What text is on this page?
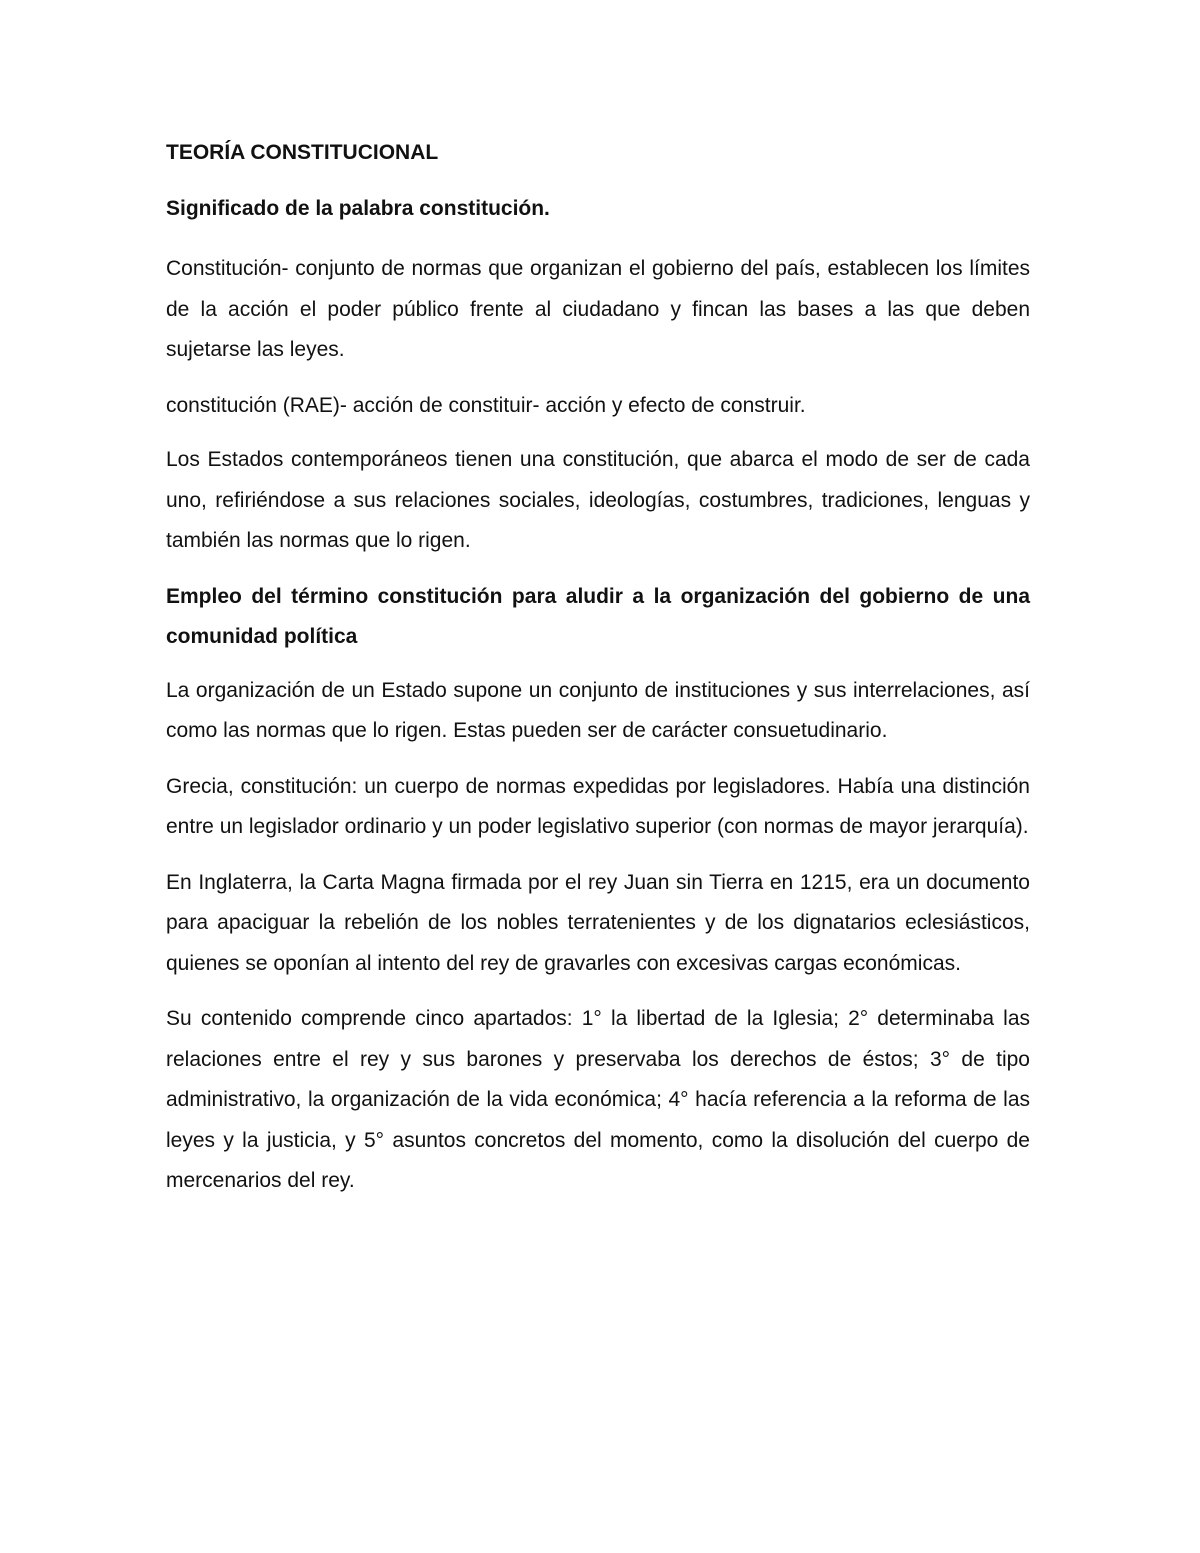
TEORÍA CONSTITUCIONAL
Significado de la palabra constitución.

Constitución- conjunto de normas que organizan el gobierno del país, establecen los límites de la acción el poder público frente al ciudadano y fincan las bases a las que deben sujetarse las leyes.

constitución (RAE)- acción de constituir- acción y efecto de construir.

Los Estados contemporáneos tienen una constitución, que abarca el modo de ser de cada uno, refiriéndose a sus relaciones sociales, ideologías, costumbres, tradiciones, lenguas y también las normas que lo rigen.

Empleo del término constitución para aludir a la organización del gobierno de una comunidad política

La organización de un Estado supone un conjunto de instituciones y sus interrelaciones, así como las normas que lo rigen. Estas pueden ser de carácter consuetudinario.

Grecia, constitución: un cuerpo de normas expedidas por legisladores. Había una distinción entre un legislador ordinario y un poder legislativo superior (con normas de mayor jerarquía).

En Inglaterra, la Carta Magna firmada por el rey Juan sin Tierra en 1215, era un documento para apaciguar la rebelión de los nobles terratenientes y de los dignatarios eclesiásticos, quienes se oponían al intento del rey de gravarles con excesivas cargas económicas.

Su contenido comprende cinco apartados: 1° la libertad de la Iglesia; 2° determinaba las relaciones entre el rey y sus barones y preservaba los derechos de éstos; 3° de tipo administrativo, la organización de la vida económica; 4° hacía referencia a la reforma de las leyes y la justicia, y 5° asuntos concretos del momento, como la disolución del cuerpo de mercenarios del rey.
